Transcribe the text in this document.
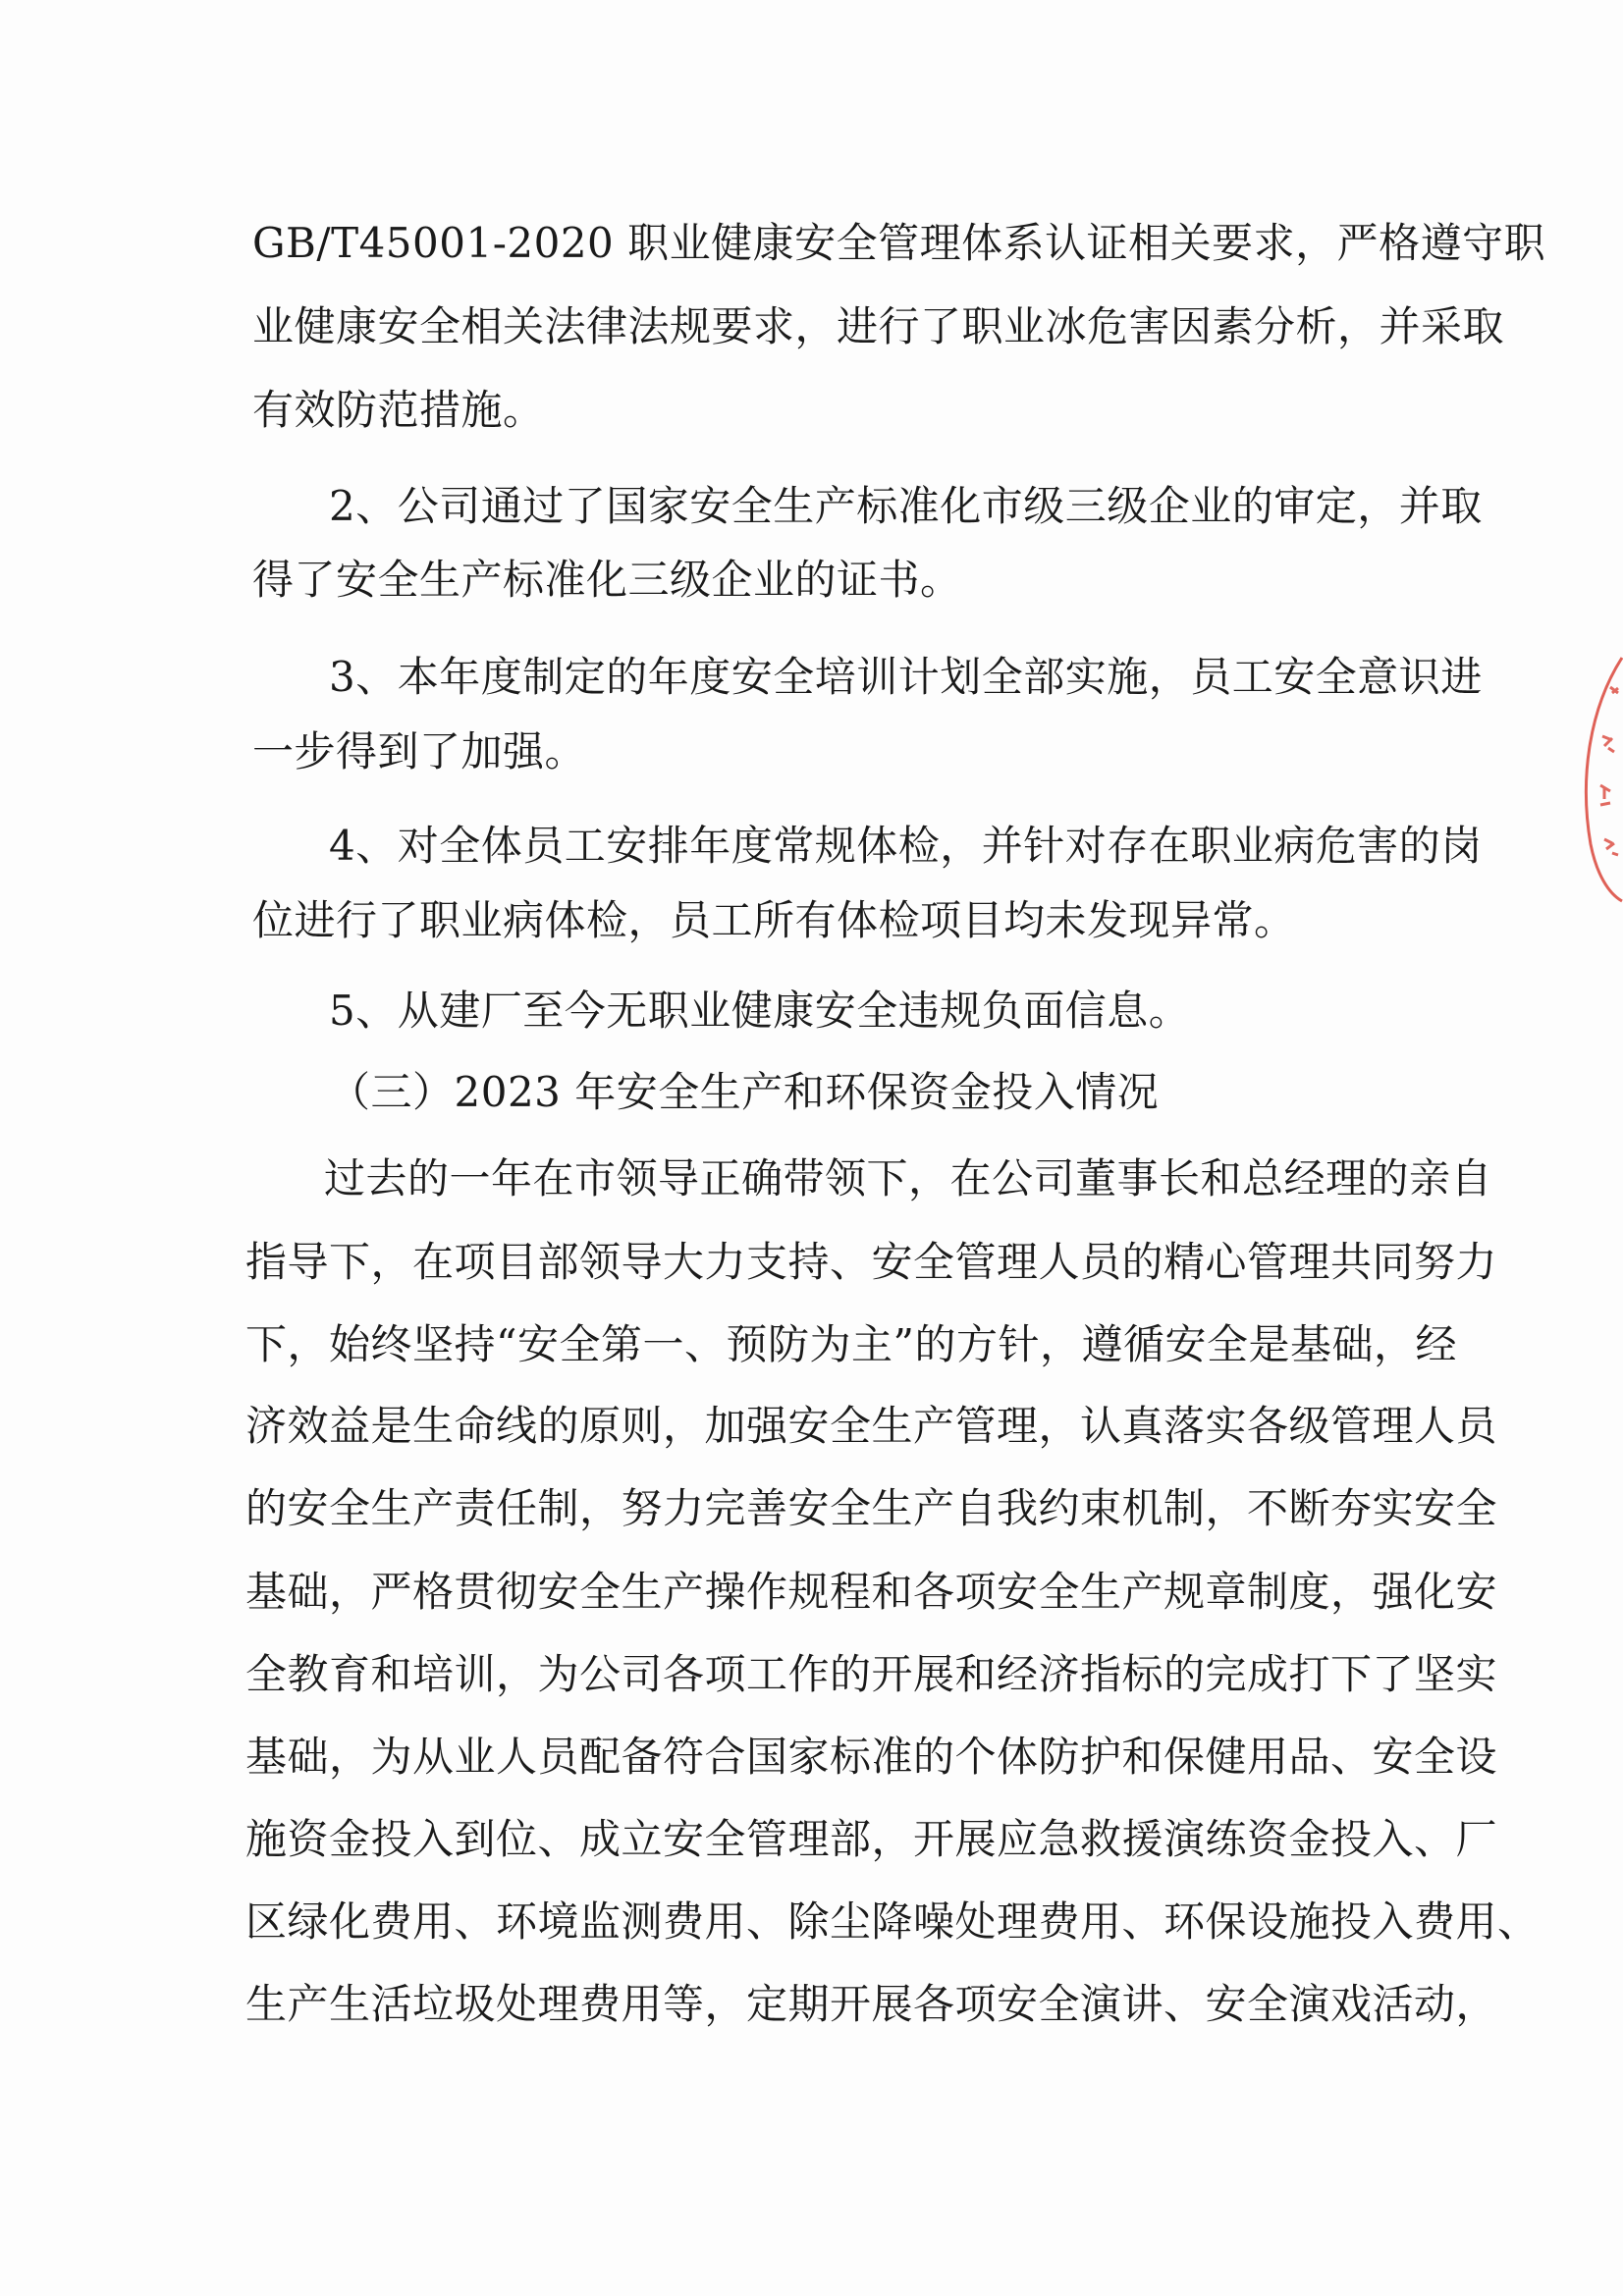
GB/T45001-2020 职业健康安全管理体系认证相关要求，严格遵守职
业健康安全相关法律法规要求，进行了职业冰危害因素分析，并采取
有效防范措施。
2、公司通过了国家安全生产标准化市级三级企业的审定，并取
得了安全生产标准化三级企业的证书。
3、本年度制定的年度安全培训计划全部实施，员工安全意识进
一步得到了加强。
4、对全体员工安排年度常规体检，并针对存在职业病危害的岗
位进行了职业病体检，员工所有体检项目均未发现异常。
5、从建厂至今无职业健康安全违规负面信息。
（三）2023 年安全生产和环保资金投入情况
过去的一年在市领导正确带领下，在公司董事长和总经理的亲自
指导下，在项目部领导大力支持、安全管理人员的精心管理共同努力
下，始终坚持“安全第一、预防为主”的方针，遵循安全是基础，经
济效益是生命线的原则，加强安全生产管理，认真落实各级管理人员
的安全生产责任制，努力完善安全生产自我约束机制，不断夯实安全
基础，严格贯彻安全生产操作规程和各项安全生产规章制度，强化安
全教育和培训，为公司各项工作的开展和经济指标的完成打下了坚实
基础，为从业人员配备符合国家标准的个体防护和保健用品、安全设
施资金投入到位、成立安全管理部，开展应急救援演练资金投入、厂
区绿化费用、环境监测费用、除尘降噪处理费用、环保设施投入费用、
生产生活垃圾处理费用等，定期开展各项安全演讲、安全演戏活动，
